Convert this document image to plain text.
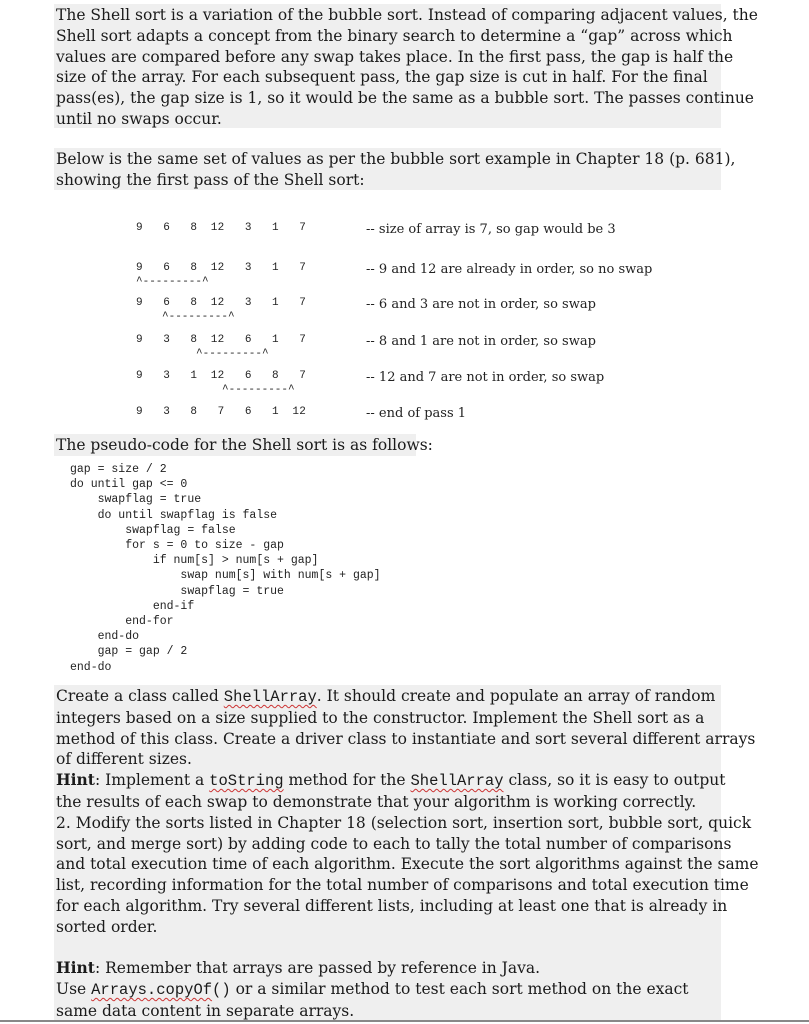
The Shell sort is a variation of the bubble sort. Instead of comparing adjacent values, the
Shell sort adapts a concept from the binary search to determine a “gap” across which
values are compared before any swap takes place. In the first pass, the gap is half the
size of the array. For each subsequent pass, the gap size is cut in half. For the final
pass(es), the gap size is 1, so it would be the same as a bubble sort. The passes continue
until no swaps occur.
Below is the same set of values as per the bubble sort example in Chapter 18 (p. 681),
showing the first pass of the Shell sort:
9   6   8  12   3   1   7	-- size of array is 7, so gap would be 3
9   6   8  12   3   1   7	-- 9 and 12 are already in order, so no swap
^---------^
9   6   8  12   3   1   7	-- 6 and 3 are not in order, so swap
^---------^
9   3   8  12   6   1   7	-- 8 and 1 are not in order, so swap
^---------^
9   3   1  12   6   8   7	-- 12 and 7 are not in order, so swap
^---------^
9   3   8   7   6   1  12	-- end of pass 1
The pseudo-code for the Shell sort is as follows:
gap = size / 2
do until gap <= 0
swapflag = true
do until swapflag is false
swapflag = false
for s = 0 to size - gap
if num[s] > num[s + gap]
swap num[s] with num[s + gap]
swapflag = true
end-if
end-for
end-do
gap = gap / 2
end-do
Create a class called ShellArray. It should create and populate an array of random
integers based on a size supplied to the constructor. Implement the Shell sort as a
method of this class. Create a driver class to instantiate and sort several different arrays
of different sizes.
Hint: Implement a toString method for the ShellArray class, so it is easy to output
the results of each swap to demonstrate that your algorithm is working correctly.
2. Modify the sorts listed in Chapter 18 (selection sort, insertion sort, bubble sort, quick
sort, and merge sort) by adding code to each to tally the total number of comparisons
and total execution time of each algorithm. Execute the sort algorithms against the same
list, recording information for the total number of comparisons and total execution time
for each algorithm. Try several different lists, including at least one that is already in
sorted order.
Hint: Remember that arrays are passed by reference in Java.
Use Arrays.copyOf() or a similar method to test each sort method on the exact
same data content in separate arrays.
